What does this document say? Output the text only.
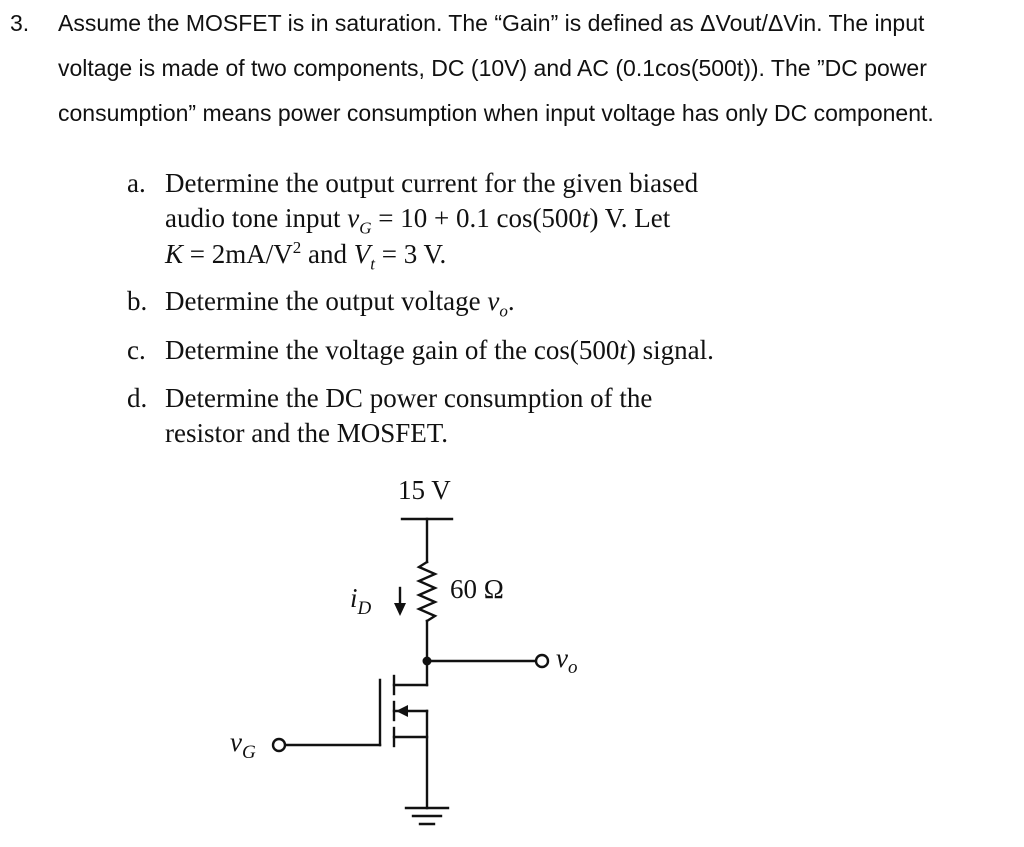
3. Assume the MOSFET is in saturation. The “Gain” is defined as ΔVout/ΔVin. The input
voltage is made of two components, DC (10V) and AC (0.1cos(500t)). The ”DC power
consumption” means power consumption when input voltage has only DC component.
a. Determine the output current for the given biased
audio tone input $v_G = 10 + 0.1$ cos(500t) V. Let
$K = 2mA/V^2$ and $V_t = 3$ V.
b. Determine the output voltage $v_o$.
c. Determine the voltage gain of the cos(500t) signal.
d. Determine the DC power consumption of the
resistor and the MOSFET.
15 V
60 Ω
$i_D$
$v_o$
$v_G$
